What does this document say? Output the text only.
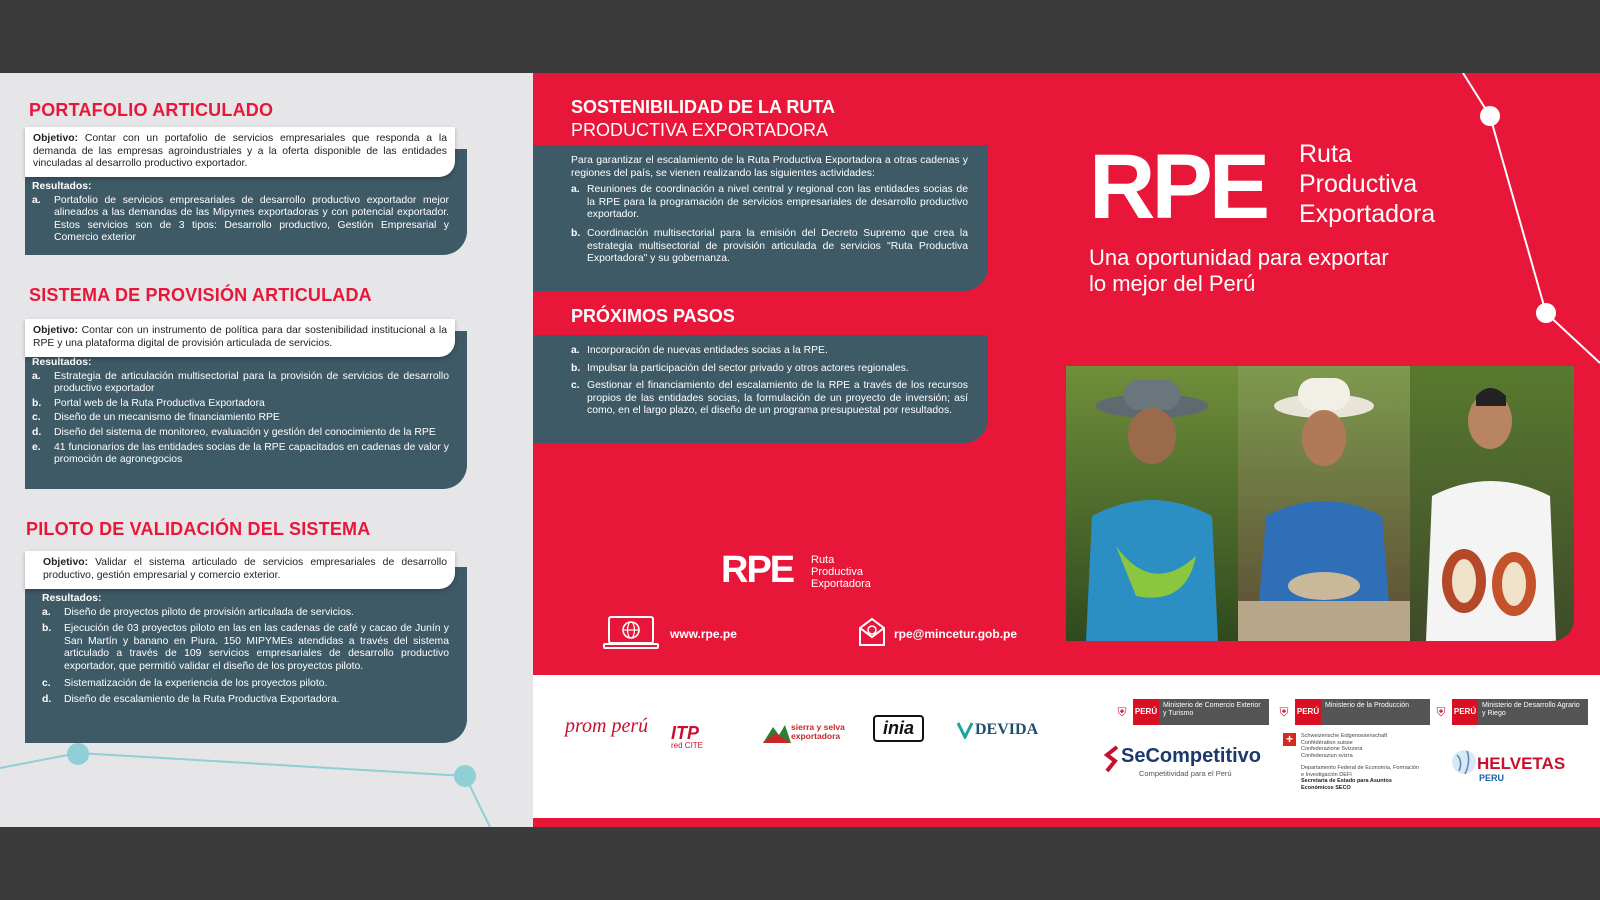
PORTAFOLIO ARTICULADO
Resultados:
a.	Portafolio de servicios empresariales de desarrollo productivo exportador mejor alineados a las demandas de las Mipymes exportadoras y con potencial exportador. Estos servicios son de 3 tipos: Desarrollo productivo, Gestión Empresarial y Comercio exterior
Objetivo: Contar con un portafolio de servicios empresariales que responda a la demanda de las empresas agroindustriales y a la oferta disponible de las entidades vinculadas al desarrollo productivo exportador.
SISTEMA DE PROVISIÓN ARTICULADA
Resultados:
a.	Estrategia de articulación multisectorial para la provisión de servicios de desarrollo productivo exportador
b.	Portal web de la Ruta Productiva Exportadora
c.	Diseño de un mecanismo de financiamiento RPE
d.	Diseño del sistema de monitoreo, evaluación y gestión del conocimiento de la RPE
e.	41 funcionarios de las entidades socias de la RPE capacitados en cadenas de valor y promoción de agronegocios
Objetivo: Contar con un instrumento de política para dar sostenibilidad institucional a la RPE y una plataforma digital de provisión articulada de servicios.
PILOTO DE VALIDACIÓN DEL SISTEMA
Resultados:
a.	Diseño de proyectos piloto de provisión articulada de servicios.
b.	Ejecución de 03 proyectos piloto en las en las cadenas de café y cacao de Junín y San Martín y banano en Piura. 150 MIPYMEs atendidas a través del sistema articulado a través de 109 servicios empresariales de desarrollo productivo exportador, que permitió validar el diseño de los proyectos piloto.
c.	Sistematización de la experiencia de los proyectos piloto.
d.	Diseño de escalamiento de la Ruta Productiva Exportadora.
Objetivo: Validar el sistema articulado de servicios empresariales de desarrollo productivo, gestión empresarial y comercio exterior.
SOSTENIBILIDAD DE LA RUTA
PRODUCTIVA EXPORTADORA
Para garantizar el escalamiento de la Ruta Productiva Exportadora a otras cadenas y regiones del país, se vienen realizando las siguientes actividades:
a. Reuniones de coordinación a nivel central y regional con las entidades socias de la RPE para la programación de servicios empresariales de desarrollo productivo exportador.
b. Coordinación multisectorial para la emisión del Decreto Supremo que crea la estrategia multisectorial de provisión articulada de servicios "Ruta Productiva Exportadora" y su gobernanza.
PRÓXIMOS PASOS
a. Incorporación de nuevas entidades socias a la RPE.
b. Impulsar la participación del sector privado y otros actores regionales.
c. Gestionar el financiamiento del escalamiento de la RPE a través de los recursos propios de las entidades socias, la formulación de un proyecto de inversión; así como, en el largo plazo, el diseño de un programa presupuestal por resultados.
RPE Ruta
Productiva
Exportadora
www.rpe.pe	rpe@mincetur.gob.pe
RPE Ruta
Productiva
Exportadora
Una oportunidad para exportar
lo mejor del Perú
prom perú ITP
red CITE
sierra y selva exportadora	inia	DEVIDA
⛨	PERÚ
Ministerio de Comercio Exterior y Turismo	⛨	PERÚ
Ministerio de la Producción	⛨	PERÚ
Ministerio de Desarrollo Agrario y Riego
SeCompetitivo
Competitividad para el Perú
+	Schweizerische Eidgenossenschaft
Confédération suisse
Confederazione Svizzera
Confederaziun svizra
Departamento Federal de Economía, Formación e Investigación DEFI
Secretaría de Estado para Asuntos Económicos SECO
HELVETAS
PERU
